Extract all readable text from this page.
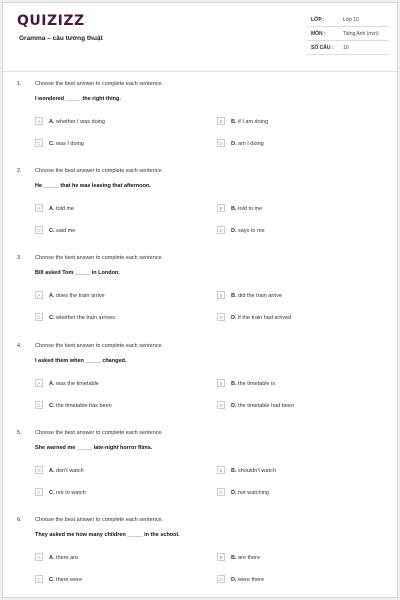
QUIZIZZ
Gramma – câu tường thuật
LỚP :	Lớp 10
MÔN :	Tiếng Anh (mới)
SỐ CÂU : 10
1. Choose the best answer to complete each sentence.
I wondered _____ the right thing.
A	A. whether I was doing	B	B. if I am doing
C	C. was I doing	D	D. am I doing
2. Choose the best answer to complete each sentence.
He _____ that he was leaving that afternoon.
A	A. told me	B	B. told to me
C	C. said me	D	D. says to me
3. Choose the best answer to complete each sentence.
Bill asked Tom _____ in London.
A	A. does the train arrive	B	B. did the train arrive
C	C. whether the train arrives	D	D. if the train had arrived
4. Choose the best answer to complete each sentence.
I asked them when _____ changed.
A	A. was the timetable	B	B. the timetable is
C	C. the timetable has been	D	D. the timetable had been
5. Choose the best answer to complete each sentence.
She warned me _____ late-night horror films.
A	A. don't watch	B	B. shouldn't watch
C	C. not to watch	D	D. not watching
6. Choose the best answer to complete each sentence.
They asked me how many children _____ in the school.
A	A. there are	B	B. are there
C	C. there were	D	D. were there
